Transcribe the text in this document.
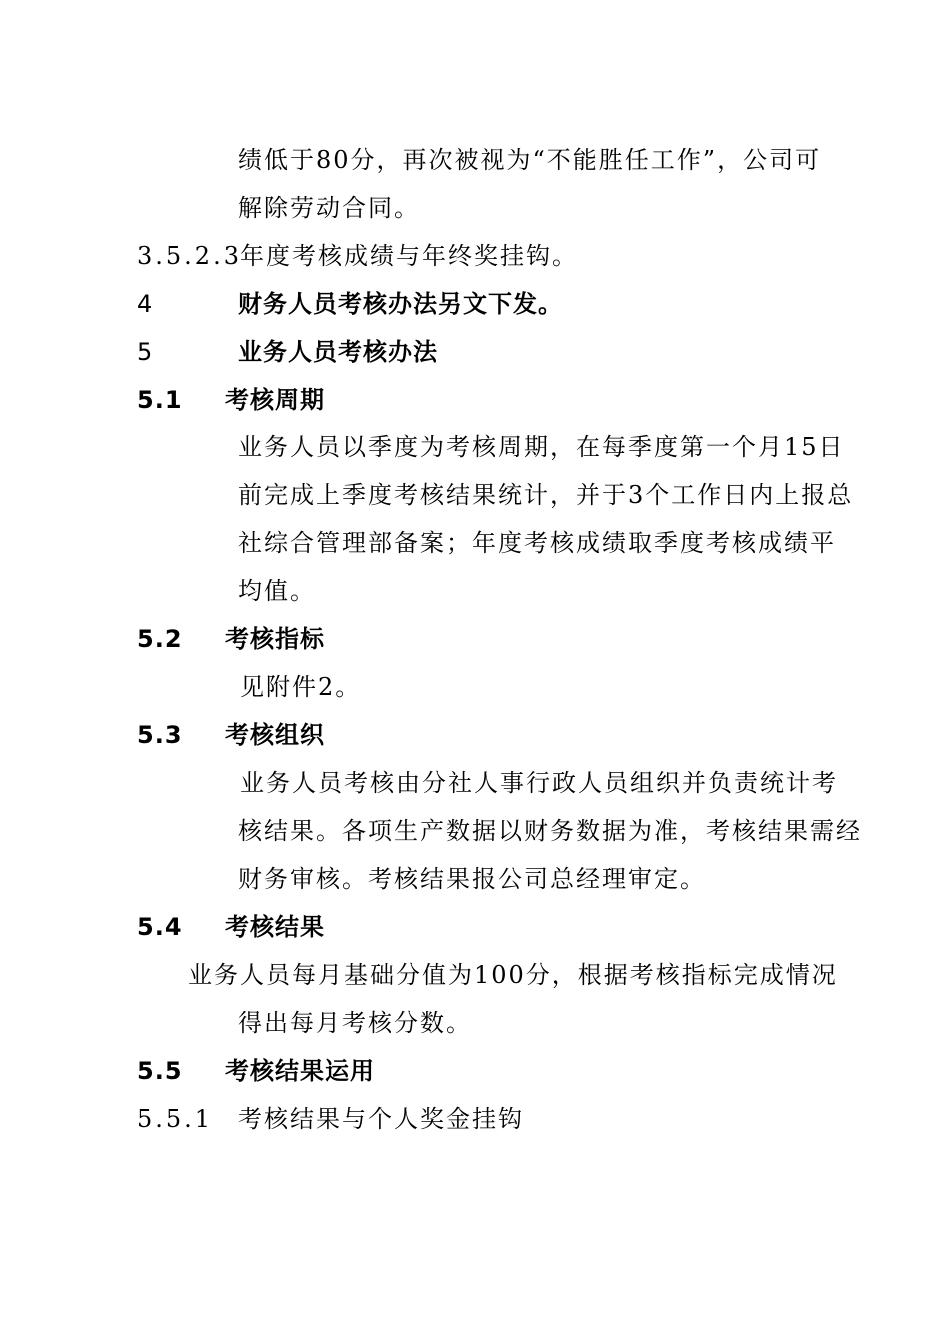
绩低于80分，再次被视为“不能胜任工作”，公司可
解除劳动合同。
3.5.2.3
年度考核成绩与年终奖挂钩。
4	财务人员考核办法另文下发。
5	业务人员考核办法
5.1 考核周期
业务人员以季度为考核周期，在每季度第一个月15日
前完成上季度考核结果统计，并于3个工作日内上报总
社综合管理部备案；年度考核成绩取季度考核成绩平
均值。
5.2 考核指标
见附件2。
5.3 考核组织
业务人员考核由分社人事行政人员组织并负责统计考
核结果。各项生产数据以财务数据为准，考核结果需经
财务审核。考核结果报公司总经理审定。
5.4 考核结果
业务人员每月基础分值为100分，根据考核指标完成情况
得出每月考核分数。
5.5 考核结果运用
5.5.1 考核结果与个人奖金挂钩
